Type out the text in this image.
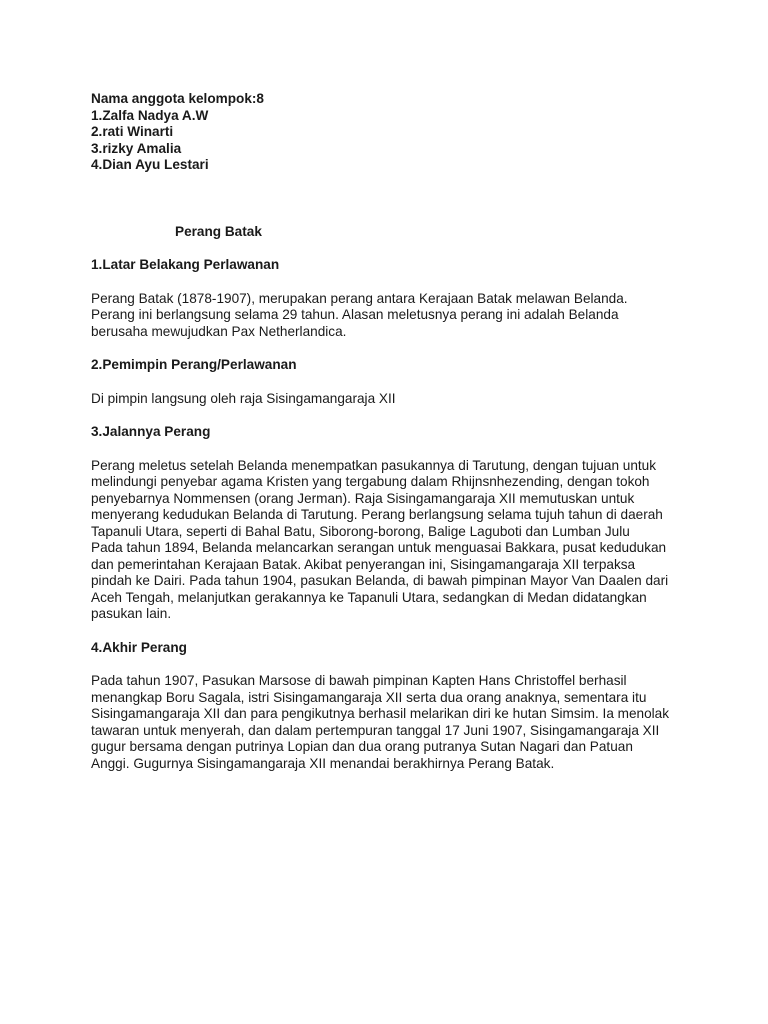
Nama anggota kelompok:8
1.Zalfa Nadya A.W
2.rati Winarti
3.rizky Amalia
4.Dian Ayu Lestari
Perang Batak
1.Latar Belakang Perlawanan
Perang Batak (1878-1907), merupakan perang antara Kerajaan Batak melawan Belanda.
Perang ini berlangsung selama 29 tahun. Alasan meletusnya perang ini adalah Belanda
berusaha mewujudkan Pax Netherlandica.
2.Pemimpin Perang/Perlawanan
Di pimpin langsung oleh raja Sisingamangaraja XII
3.Jalannya Perang
Perang meletus setelah Belanda menempatkan pasukannya di Tarutung, dengan tujuan untuk
melindungi penyebar agama Kristen yang tergabung dalam Rhijnsnhezending, dengan tokoh
penyebarnya Nommensen (orang Jerman). Raja Sisingamangaraja XII memutuskan untuk
menyerang kedudukan Belanda di Tarutung. Perang berlangsung selama tujuh tahun di daerah
Tapanuli Utara, seperti di Bahal Batu, Siborong-borong, Balige Laguboti dan Lumban Julu
Pada tahun 1894, Belanda melancarkan serangan untuk menguasai Bakkara, pusat kedudukan
dan pemerintahan Kerajaan Batak. Akibat penyerangan ini, Sisingamangaraja XII terpaksa
pindah ke Dairi. Pada tahun 1904, pasukan Belanda, di bawah pimpinan Mayor Van Daalen dari
Aceh Tengah, melanjutkan gerakannya ke Tapanuli Utara, sedangkan di Medan didatangkan
pasukan lain.
4.Akhir Perang
Pada tahun 1907, Pasukan Marsose di bawah pimpinan Kapten Hans Christoffel berhasil
menangkap Boru Sagala, istri Sisingamangaraja XII serta dua orang anaknya, sementara itu
Sisingamangaraja XII dan para pengikutnya berhasil melarikan diri ke hutan Simsim. Ia menolak
tawaran untuk menyerah, dan dalam pertempuran tanggal 17 Juni 1907, Sisingamangaraja XII
gugur bersama dengan putrinya Lopian dan dua orang putranya Sutan Nagari dan Patuan
Anggi. Gugurnya Sisingamangaraja XII menandai berakhirnya Perang Batak.
